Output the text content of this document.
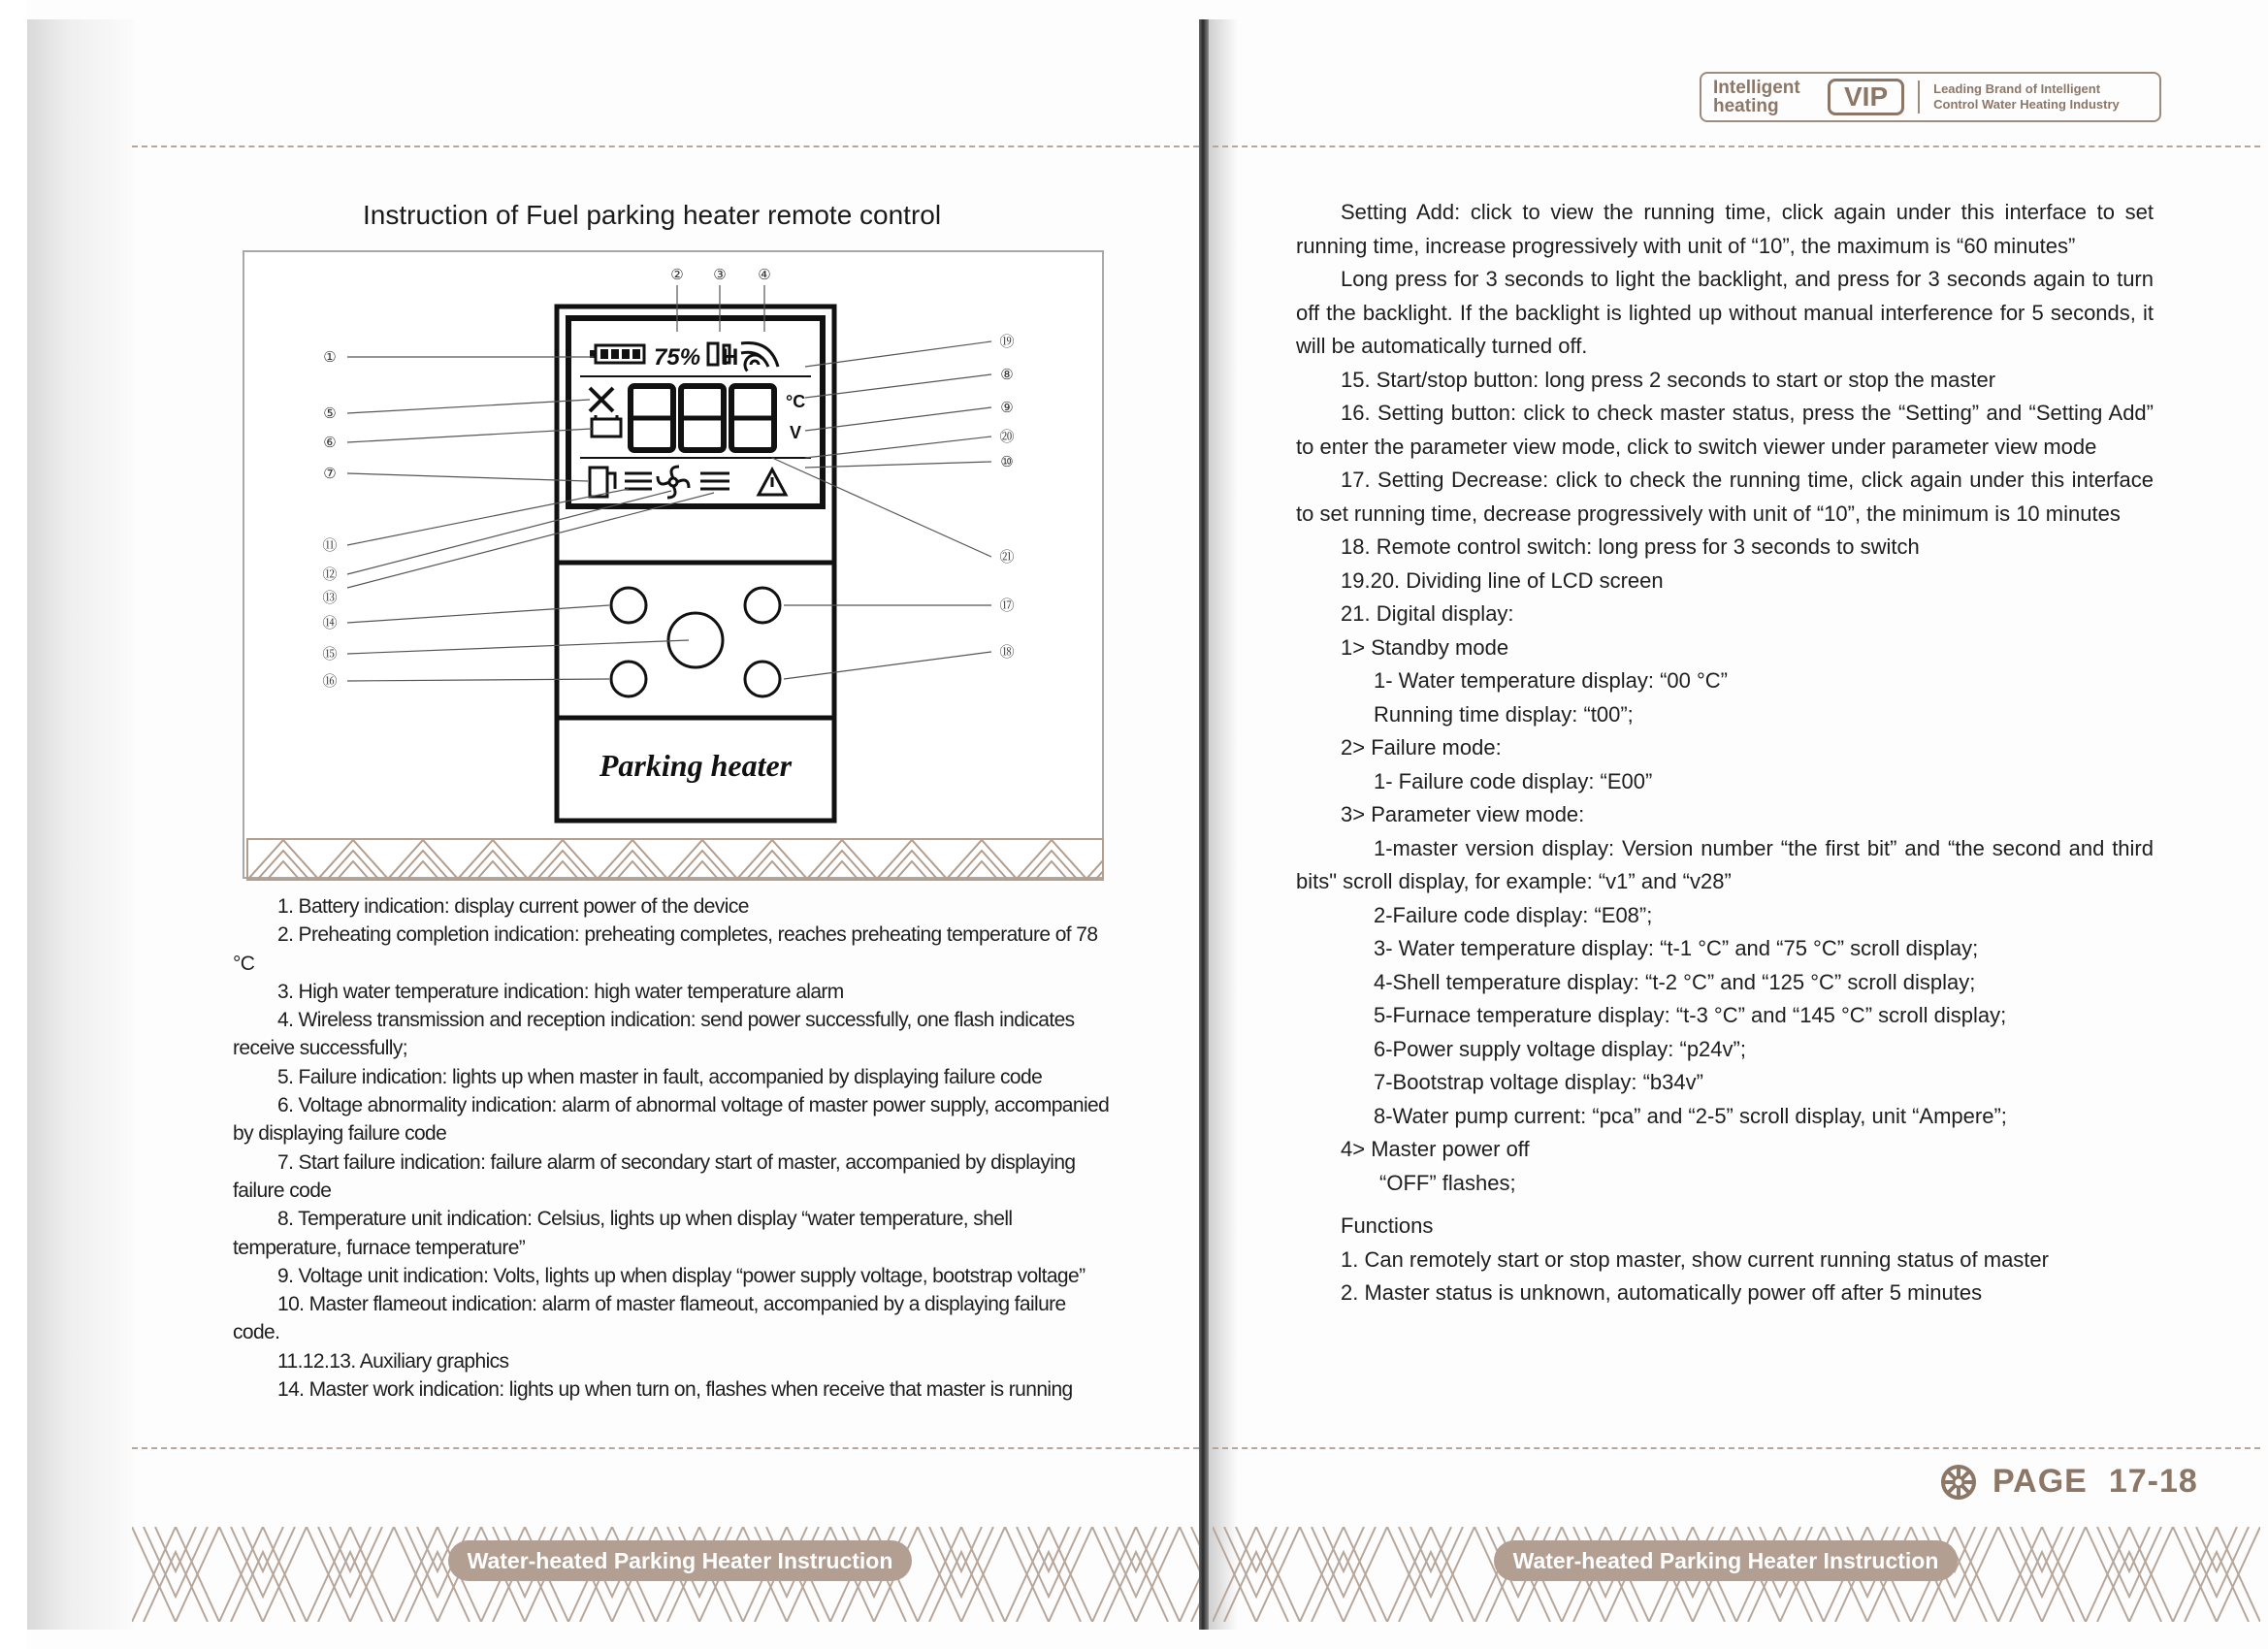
Intelligent heating	VIP	Leading Brand of Intelligent
Control Water Heating Industry
Instruction of Fuel parking heater remote control
75% H
°C
V
Parking heater
② ③ ④
①
⑤
⑥
⑦
⑪
⑫
⑬
⑭
⑮
⑯
⑲
⑧
⑨
⑳
⑩
㉑
⑰
⑱

1. Battery indication: display current power of the device

2. Preheating completion indication: preheating completes, reaches preheating temperature of 78 °C

3. High water temperature indication: high water temperature alarm

4. Wireless transmission and reception indication: send power successfully, one flash indicates receive successfully;

5. Failure indication: lights up when master in fault, accompanied by displaying failure code

6. Voltage abnormality indication: alarm of abnormal voltage of master power supply, accompanied by displaying failure code

7. Start failure indication: failure alarm of secondary start of master, accompanied by displaying failure code

8. Temperature unit indication: Celsius, lights up when display “water temperature, shell temperature, furnace temperature”

9. Voltage unit indication: Volts, lights up when display “power supply voltage, bootstrap voltage”

10. Master flameout indication: alarm of master flameout, accompanied by a displaying failure code.

11.12.13. Auxiliary graphics

14. Master work indication: lights up when turn on, flashes when receive that master is running

Setting Add: click to view the running time, click again under this interface to set running time, increase progressively with unit of “10”, the maximum is “60 minutes”

Long press for 3 seconds to light the backlight, and press for 3 seconds again to turn off the backlight. If the backlight is lighted up without manual interference for 5 seconds, it will be automatically turned off.

15. Start/stop button: long press 2 seconds to start or stop the master

16. Setting button: click to check master status, press the “Setting” and “Setting Add” to enter the parameter view mode, click to switch viewer under parameter view mode

17. Setting Decrease: click to check the running time, click again under this interface to set running time, decrease progressively with unit of “10”, the minimum is 10 minutes

18. Remote control switch: long press for 3 seconds to switch

19.20. Dividing line of LCD screen

21. Digital display:

1> Standby mode

1- Water temperature display: “00 °C”

Running time display: “t00”;

2> Failure mode:

1- Failure code display: “E00”

3> Parameter view mode:

1-master version display: Version number “the first bit” and “the second and third bits" scroll display, for example: “v1” and “v28”

2-Failure code display: “E08”;

3- Water temperature display: “t-1 °C” and “75 °C” scroll display;

4-Shell temperature display: “t-2 °C” and “125 °C” scroll display;

5-Furnace temperature display: “t-3 °C” and “145 °C” scroll display;

6-Power supply voltage display: “p24v”;

7-Bootstrap voltage display: “b34v”

8-Water pump current: “pca” and “2-5” scroll display, unit “Ampere”;

4> Master power off

“OFF” flashes;

Functions

1. Can remotely start or stop master, show current running status of master

2. Master status is unknown, automatically power off after 5 minutes

PAGE 17-18
Water-heated Parking Heater Instruction	Water-heated Parking Heater Instruction
